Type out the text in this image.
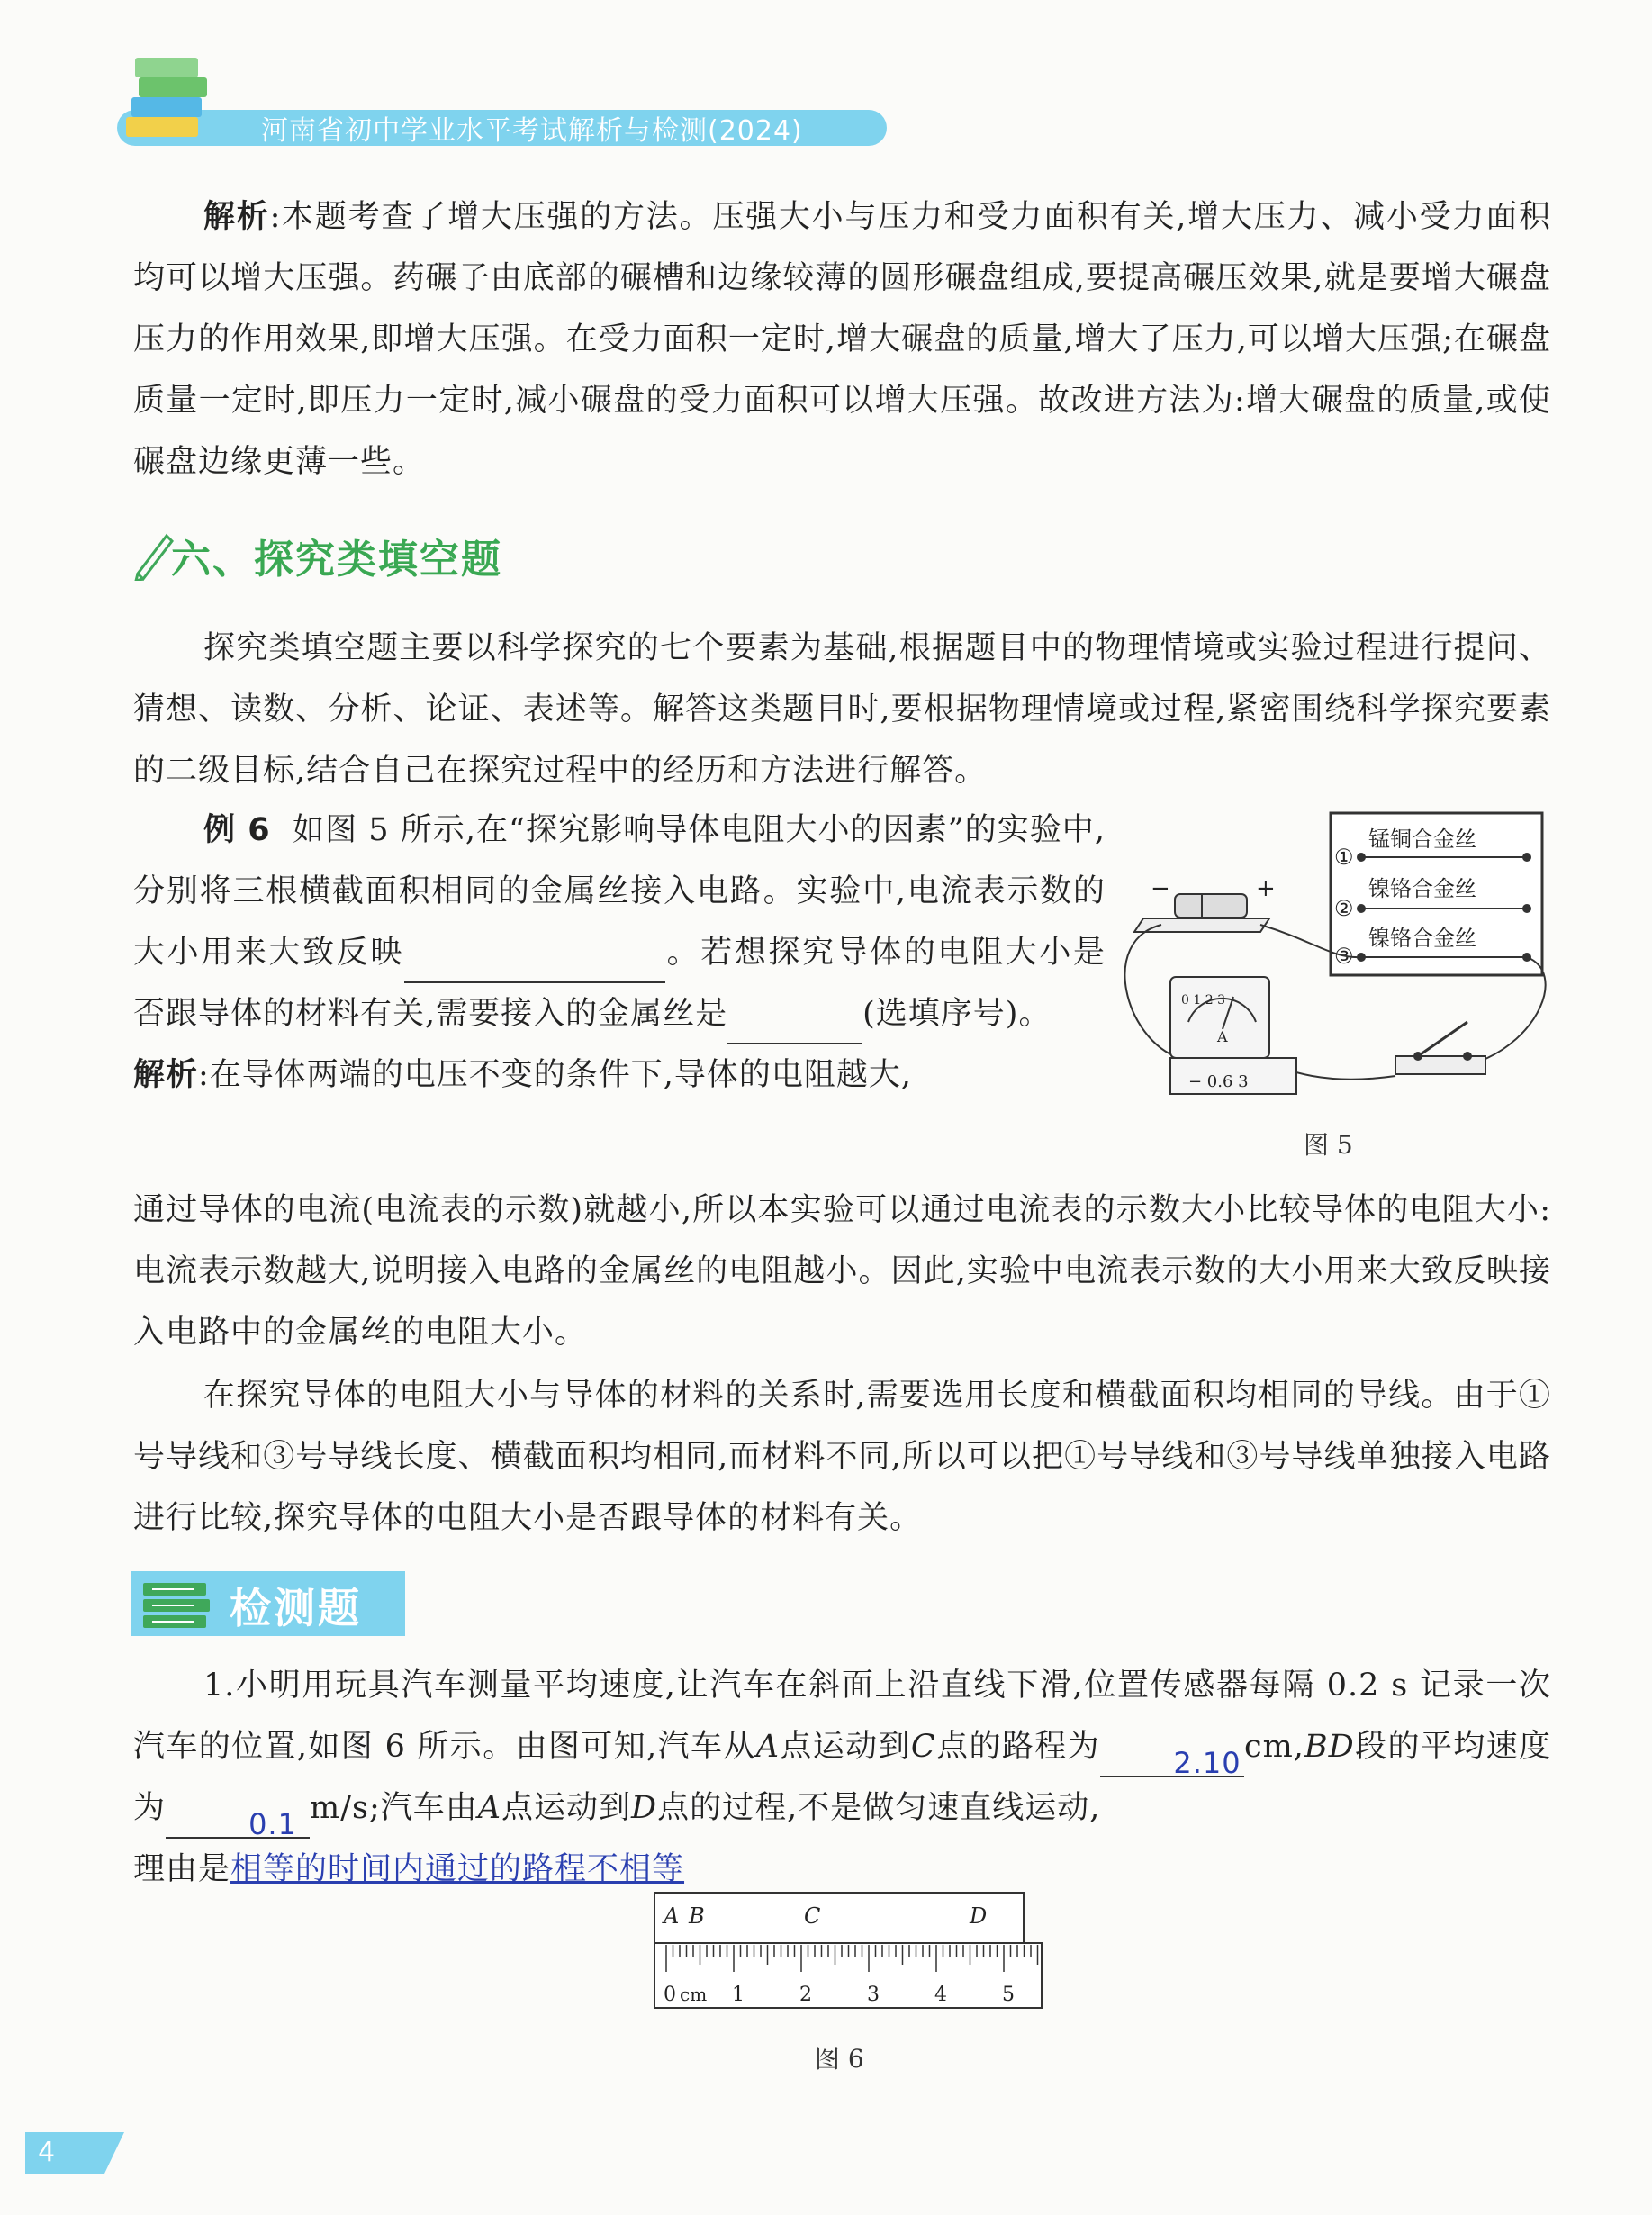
河南省初中学业水平考试解析与检测(2024)
解析:本题考查了增大压强的方法。压强大小与压力和受力面积有关,增大压力、减小受力面积均可以增大压强。药碾子由底部的碾槽和边缘较薄的圆形碾盘组成,要提高碾压效果,就是要增大碾盘压力的作用效果,即增大压强。在受力面积一定时,增大碾盘的质量,增大了压力,可以增大压强;在碾盘质量一定时,即压力一定时,减小碾盘的受力面积可以增大压强。故改进方法为:增大碾盘的质量,或使碾盘边缘更薄一些。
六、探究类填空题
探究类填空题主要以科学探究的七个要素为基础,根据题目中的物理情境或实验过程进行提问、猜想、读数、分析、论证、表述等。解答这类题目时,要根据物理情境或过程,紧密围绕科学探究要素的二级目标,结合自己在探究过程中的经历和方法进行解答。
例 6 如图 5 所示,在“探究影响导体电阻大小的因素”的实验中,分别将三根横截面积相同的金属丝接入电路。实验中,电流表示数的大小用来大致反映	。若想探究导体的电阻大小是否跟导体的材料有关,需要接入的金属丝是	(选填序号)。
解析:在导体两端的电压不变的条件下,导体的电阻越大,
通过导体的电流(电流表的示数)就越小,所以本实验可以通过电流表的示数大小比较导体的电阻大小:电流表示数越大,说明接入电路的金属丝的电阻越小。因此,实验中电流表示数的大小用来大致反映接入电路中的金属丝的电阻大小。
在探究导体的电阻大小与导体的材料的关系时,需要选用长度和横截面积均相同的导线。由于①号导线和③号导线长度、横截面积均相同,而材料不同,所以可以把①号导线和③号导线单独接入电路进行比较,探究导体的电阻大小是否跟导体的材料有关。
①
②
③
锰铜合金丝
镍铬合金丝
镍铬合金丝
−	+
0 1 2 3
A
− 0.6 3
图 5
检测题
1.小明用玩具汽车测量平均速度,让汽车在斜面上沿直线下滑,位置传感器每隔 0.2 s 记录一次汽车的位置,如图 6 所示。由图可知,汽车从A点运动到C点的路程为	2.10cm,BD段的平均速度为	0.1 m/s;汽车由A点运动到D点的过程,不是做匀速直线运动,
理由是相等的时间内通过的路程不相等
A B	C	D
0 cm 1	2	3	4	5
图 6
4
